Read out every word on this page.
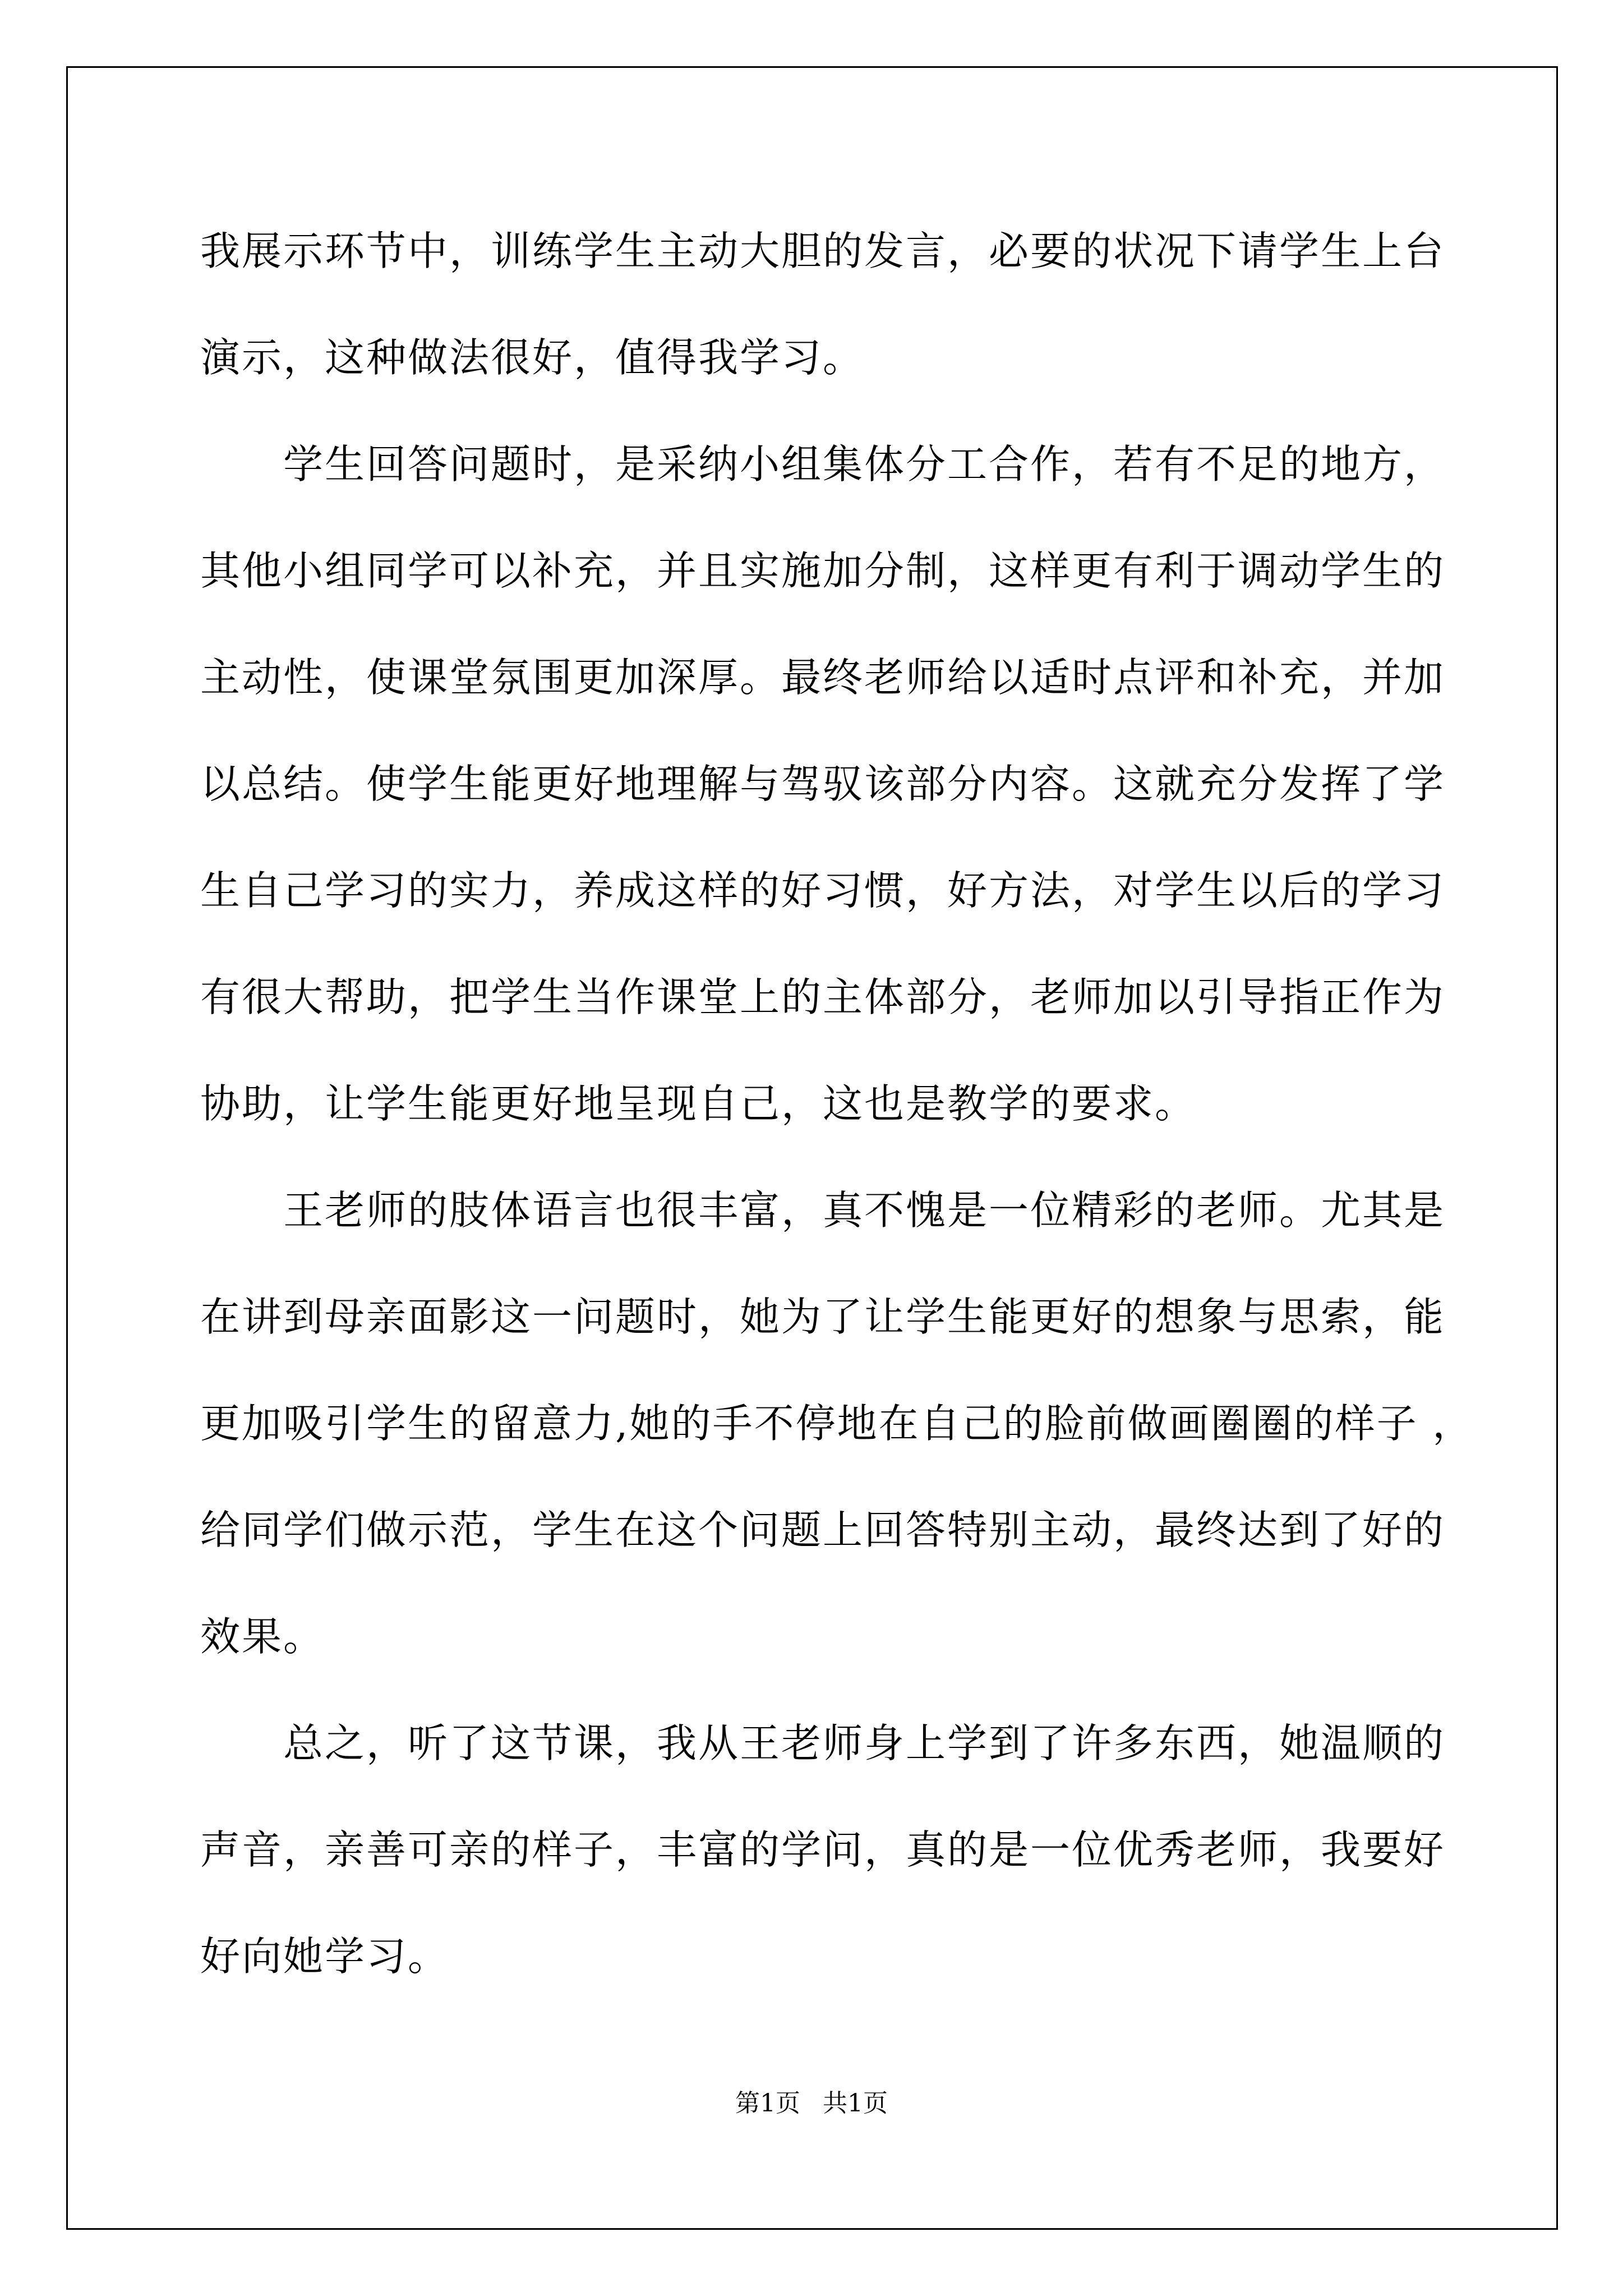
我展示环节中，训练学生主动大胆的发言，必要的状况下请学生上台

演示，这种做法很好，值得我学习。

　　学生回答问题时，是采纳小组集体分工合作，若有不足的地方，

其他小组同学可以补充，并且实施加分制，这样更有利于调动学生的

主动性，使课堂氛围更加深厚。最终老师给以适时点评和补充，并加

以总结。使学生能更好地理解与驾驭该部分内容。这就充分发挥了学

生自己学习的实力，养成这样的好习惯，好方法，对学生以后的学习

有很大帮助，把学生当作课堂上的主体部分，老师加以引导指正作为

协助，让学生能更好地呈现自己，这也是教学的要求。

　　王老师的肢体语言也很丰富，真不愧是一位精彩的老师。尤其是

在讲到母亲面影这一问题时，她为了让学生能更好的想象与思索，能

更加吸引学生的留意力,她的手不停地在自己的脸前做画圈圈的样子 ，

给同学们做示范，学生在这个问题上回答特别主动，最终达到了好的

效果。

　　总之，听了这节课，我从王老师身上学到了许多东西，她温顺的

声音，亲善可亲的样子，丰富的学问，真的是一位优秀老师，我要好

好向她学习。

第1页 共1页
